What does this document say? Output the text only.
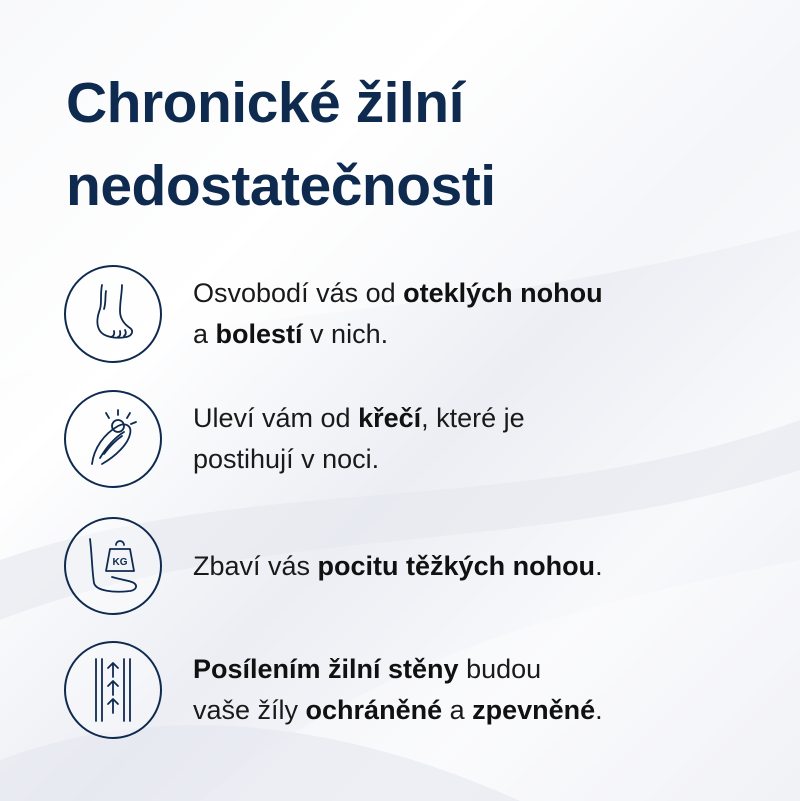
Chronické žilní
nedostatečnosti
Osvobodí vás od oteklých nohou
a bolestí v nich.
Uleví vám od křečí, které je
postihují v noci.
KG Zbaví vás pocitu těžkých nohou.
Posílením žilní stěny budou
vaše žíly ochráněné a zpevněné.
